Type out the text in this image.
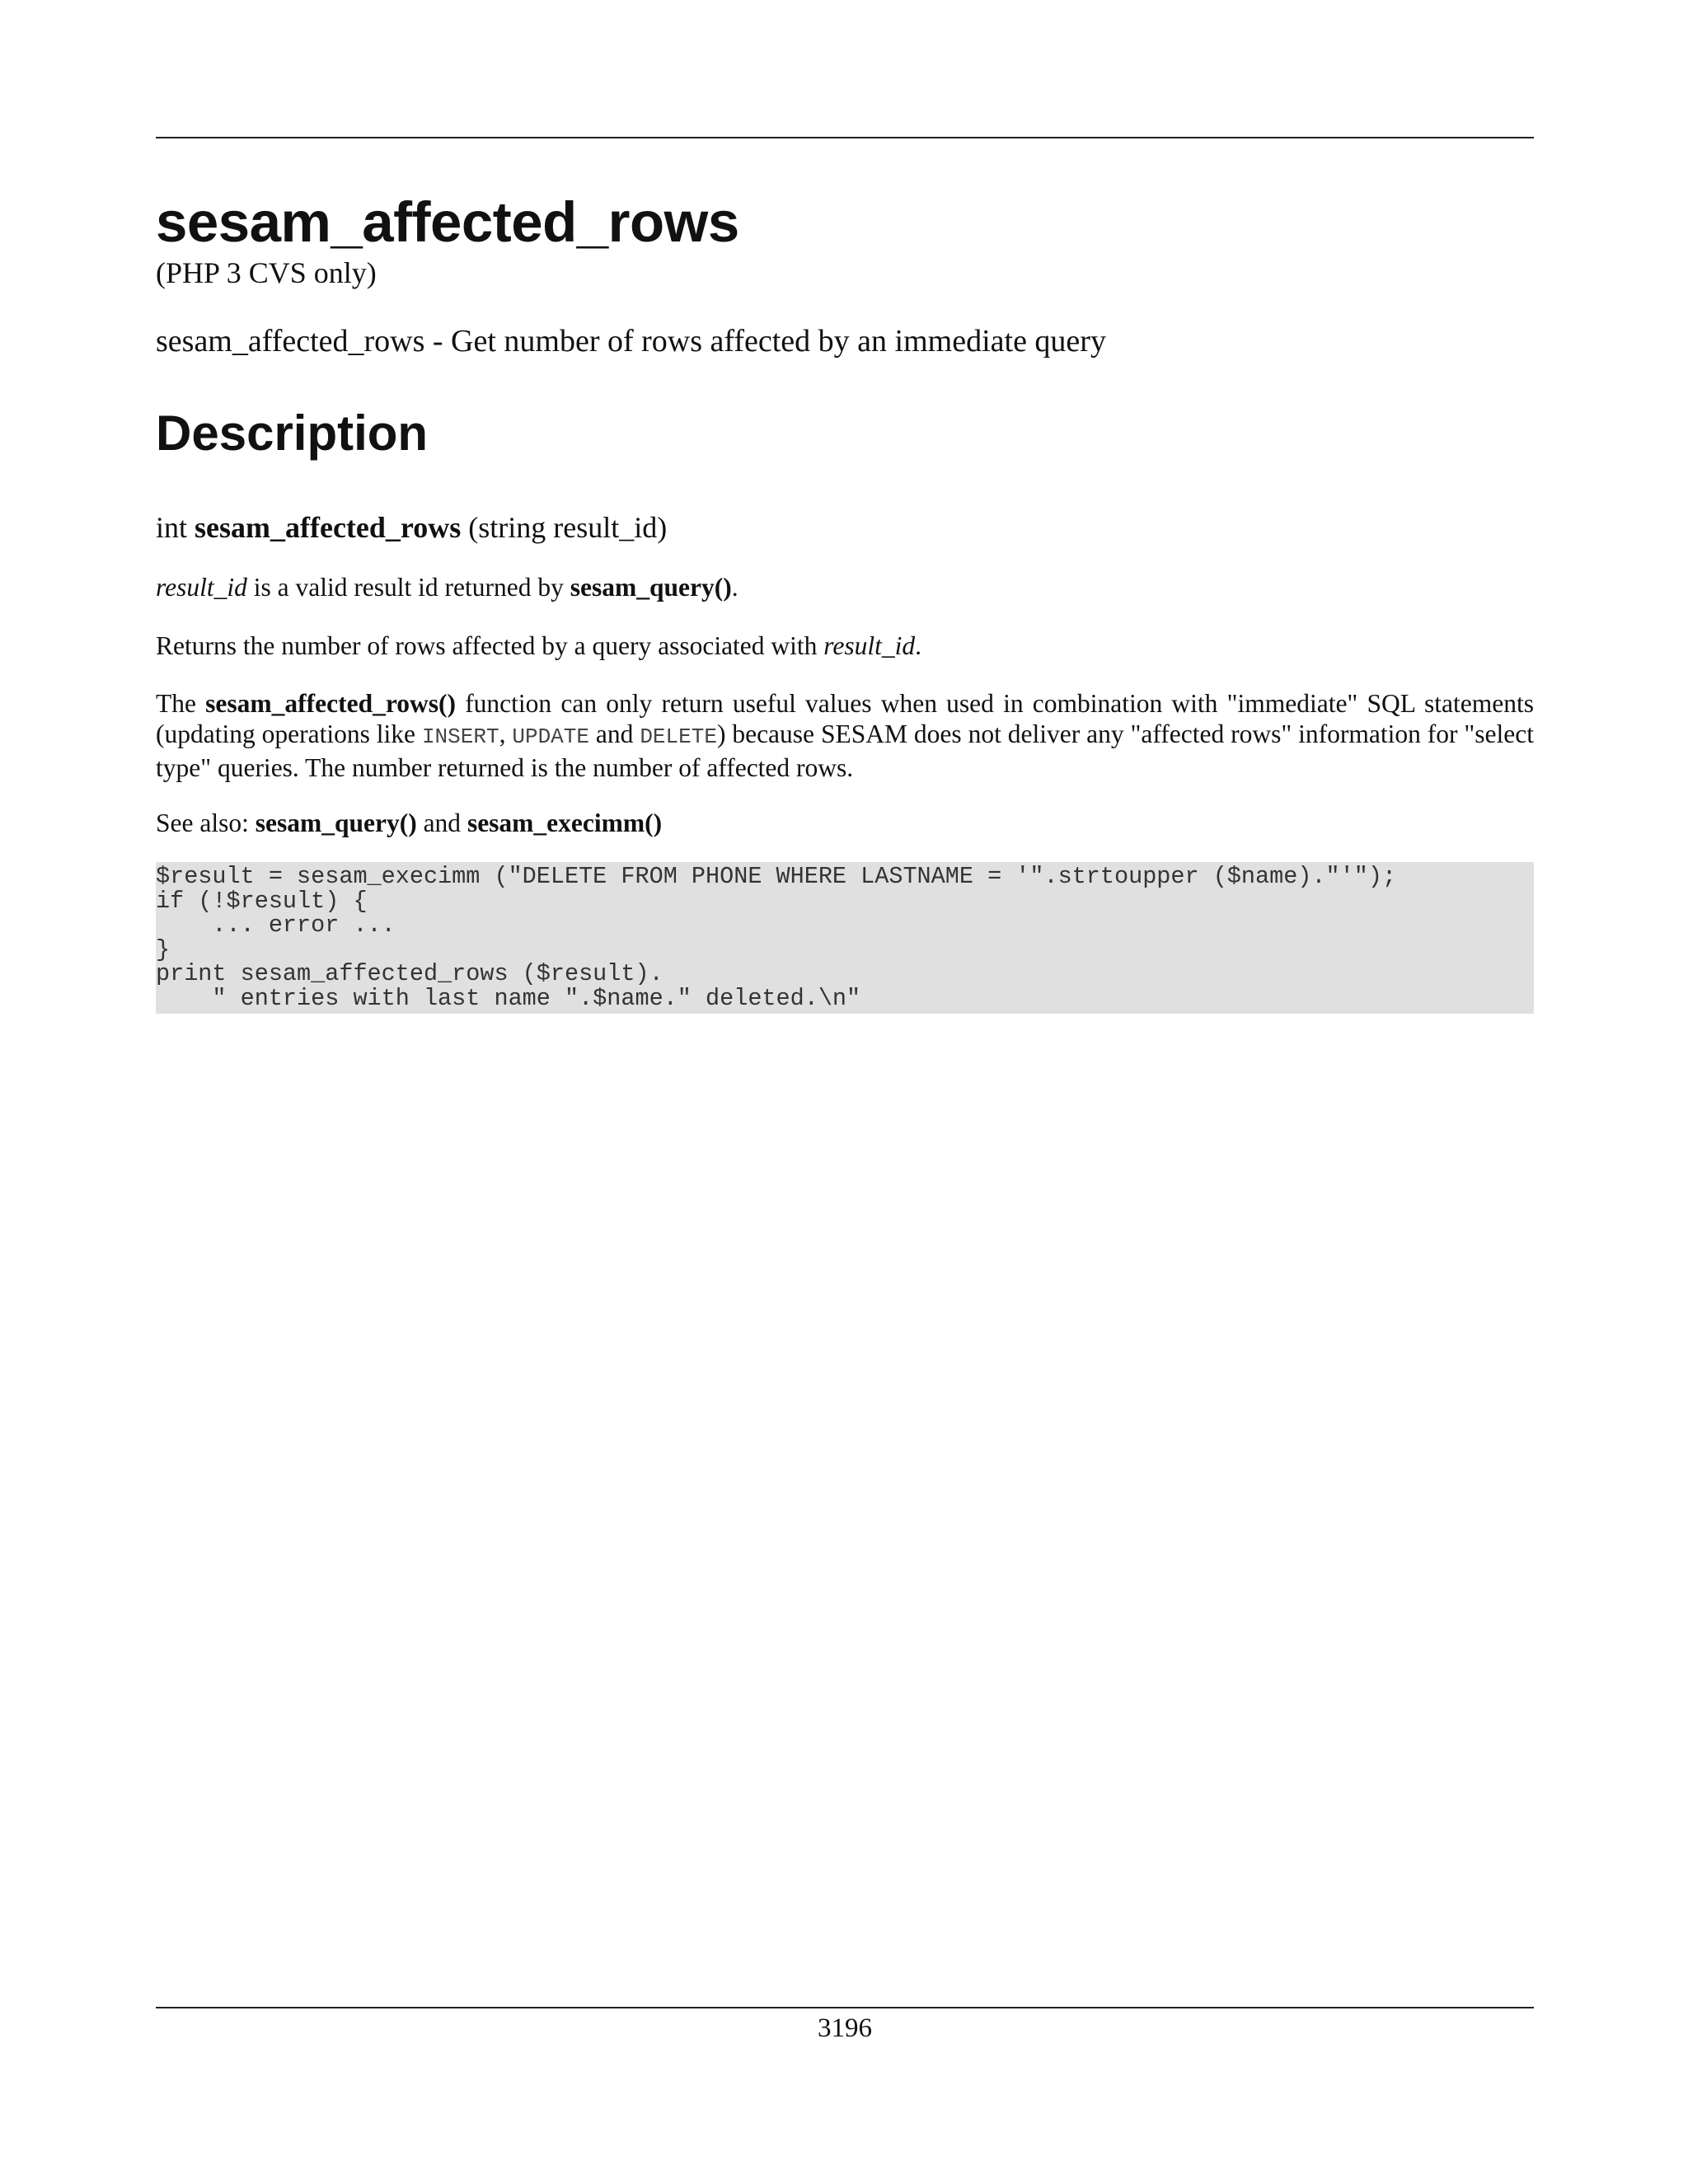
sesam_affected_rows
(PHP 3 CVS only)
sesam_affected_rows - Get number of rows affected by an immediate query
Description
int sesam_affected_rows (string result_id)

result_id is a valid result id returned by sesam_query().

Returns the number of rows affected by a query associated with result_id.

The sesam_affected_rows() function can only return useful values when used in combination with "immediate" SQL statements (updating operations like INSERT, UPDATE and DELETE) because SESAM does not deliver any "affected rows" information for "select type" queries. The number returned is the number of affected rows.

See also: sesam_query() and sesam_execimm()

$result = sesam_execimm ("DELETE FROM PHONE WHERE LASTNAME = '".strtoupper ($name)."'");
if (!$result) {
... error ...
}
print sesam_affected_rows ($result).
" entries with last name ".$name." deleted.\n"
3196
